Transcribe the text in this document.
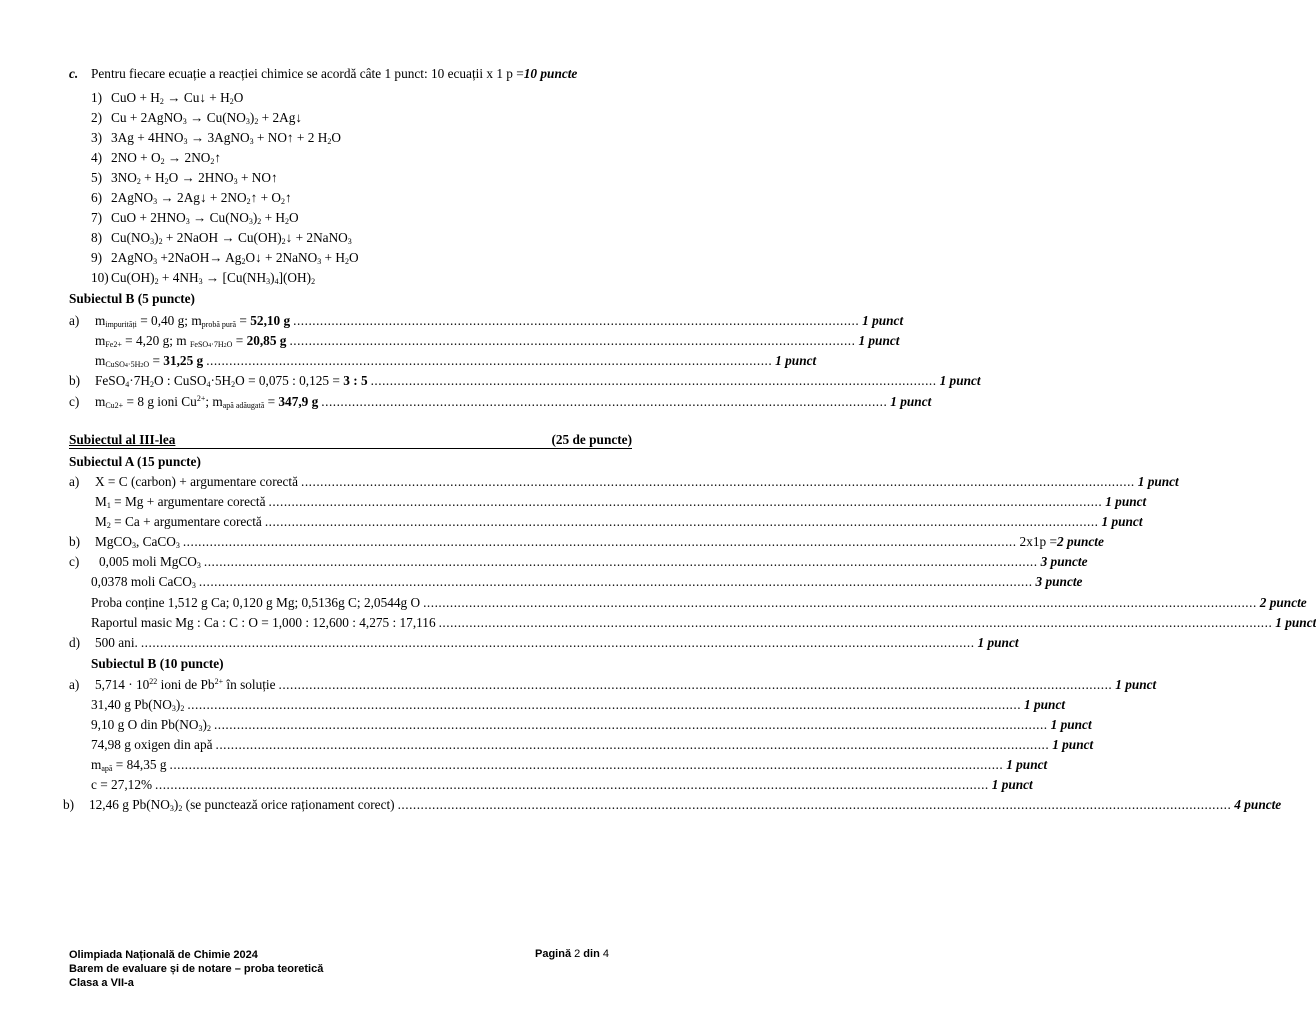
c. Pentru fiecare ecuație a reacției chimice se acordă câte 1 punct: 10 ecuații x 1 p = 10 puncte
1) CuO + $H_2$ → Cu↓ + $H_2O$
2) Cu + 2AgNO$_3$ → $Cu(NO_3)_2$ + 2Ag↓
3) $3Ag + 4HNO_3$ → 3AgNO$_3$ + NO↑ + 2 $H_2O$
4) $2NO + O_2$ → $2NO_2↑$
5) $3NO_2 + H_2O \to 2HNO_3$ + NO↑
6) 2AgNO$_3$ → 2Ag↓ + $2NO_2↑$ + $O_2↑$
7) CuO + $2HNO_3 \to Cu(NO_3)_2 + H_2O$
8) $Cu(NO_3)_2$ + 2NaOH → $Cu(OH)_2↓$ + 2NaNO$_3$
9) 2AgNO$_3$ +2NaOH→ $Ag_2O↓$ + 2NaNO$_3$ + $H_2O$
10) $Cu(OH)_2 + 4NH_3 \to [Cu(NH_3)_4](OH)_2$
Subiectul B (5 puncte)
a)	$m_{impurități} = 0,40$ g; $m_{probă pură} = 52,10$ g .................................................................................................................................................... 1 punct
$m_{Fe2+} = 4,20$ g; m $_{FeSO4\cdot 7H2O}$ = 20,85 g .................................................................................................................................................... 1 punct
$m_{CuSO4\cdot 5H2O} = 31,25$ g .................................................................................................................................................... 1 punct
b)	$FeSO_4\cdot 7H_2O$ : $CuSO_4\cdot 5H_2O = 0,075$ : 0,125 = 3 : 5 .................................................................................................................................................... 1 punct
c)	$m_{Cu2+} = 8$ g ioni $Cu^{2+}$; $m_{apă adăugată} = 347,9$ g .................................................................................................................................................... 1 punct
Subiectul al III-lea	(25 de puncte)
Subiectul A (15 puncte)
a)	X = C (carbon) + argumentare corectă .......................................................................................................................................................................................................................... 1 punct
$M_1 = Mg$ + argumentare corectă .......................................................................................................................................................................................................................... 1 punct
$M_2 = Ca$ + argumentare corectă .......................................................................................................................................................................................................................... 1 punct
b)	MgCO$_3$, CaCO$_3$ .......................................................................................................................................................................................................................... 2x1p = 2 puncte
c)	0,005 moli MgCO$_3$ .......................................................................................................................................................................................................................... 3 puncte
0,0378 moli CaCO$_3$ .......................................................................................................................................................................................................................... 3 puncte
Proba conține 1,512 g Ca; 0,120 g Mg; 0,5136g C; 2,0544g O .......................................................................................................................................................................................................................... 2 puncte
Raportul masic Mg : Ca : C : O = 1,000 : 12,600 : 4,275 : 17,116 .......................................................................................................................................................................................................................... 1 punct
d)	500 ani. .......................................................................................................................................................................................................................... 1 punct
Subiectul B (10 puncte)
a)	$5,714 \cdot 10^{22}$ ioni de $Pb^{2+}$ în soluție .......................................................................................................................................................................................................................... 1 punct
31,40 g $Pb(NO_3)_2$ .......................................................................................................................................................................................................................... 1 punct
9,10 g O din $Pb(NO_3)_2$ .......................................................................................................................................................................................................................... 1 punct
74,98 g oxigen din apă .......................................................................................................................................................................................................................... 1 punct
$m_{apă} = 84,35$ g .......................................................................................................................................................................................................................... 1 punct
c = 27,12% .......................................................................................................................................................................................................................... 1 punct
b)	12,46 g $Pb(NO_3)_2$ (se punctează orice raționament corect) .......................................................................................................................................................................................................................... 4 puncte
Olimpiada Națională de Chimie 2024
Barem de evaluare și de notare – proba teoretică
Clasa a VII-a
Pagină 2 din 4
